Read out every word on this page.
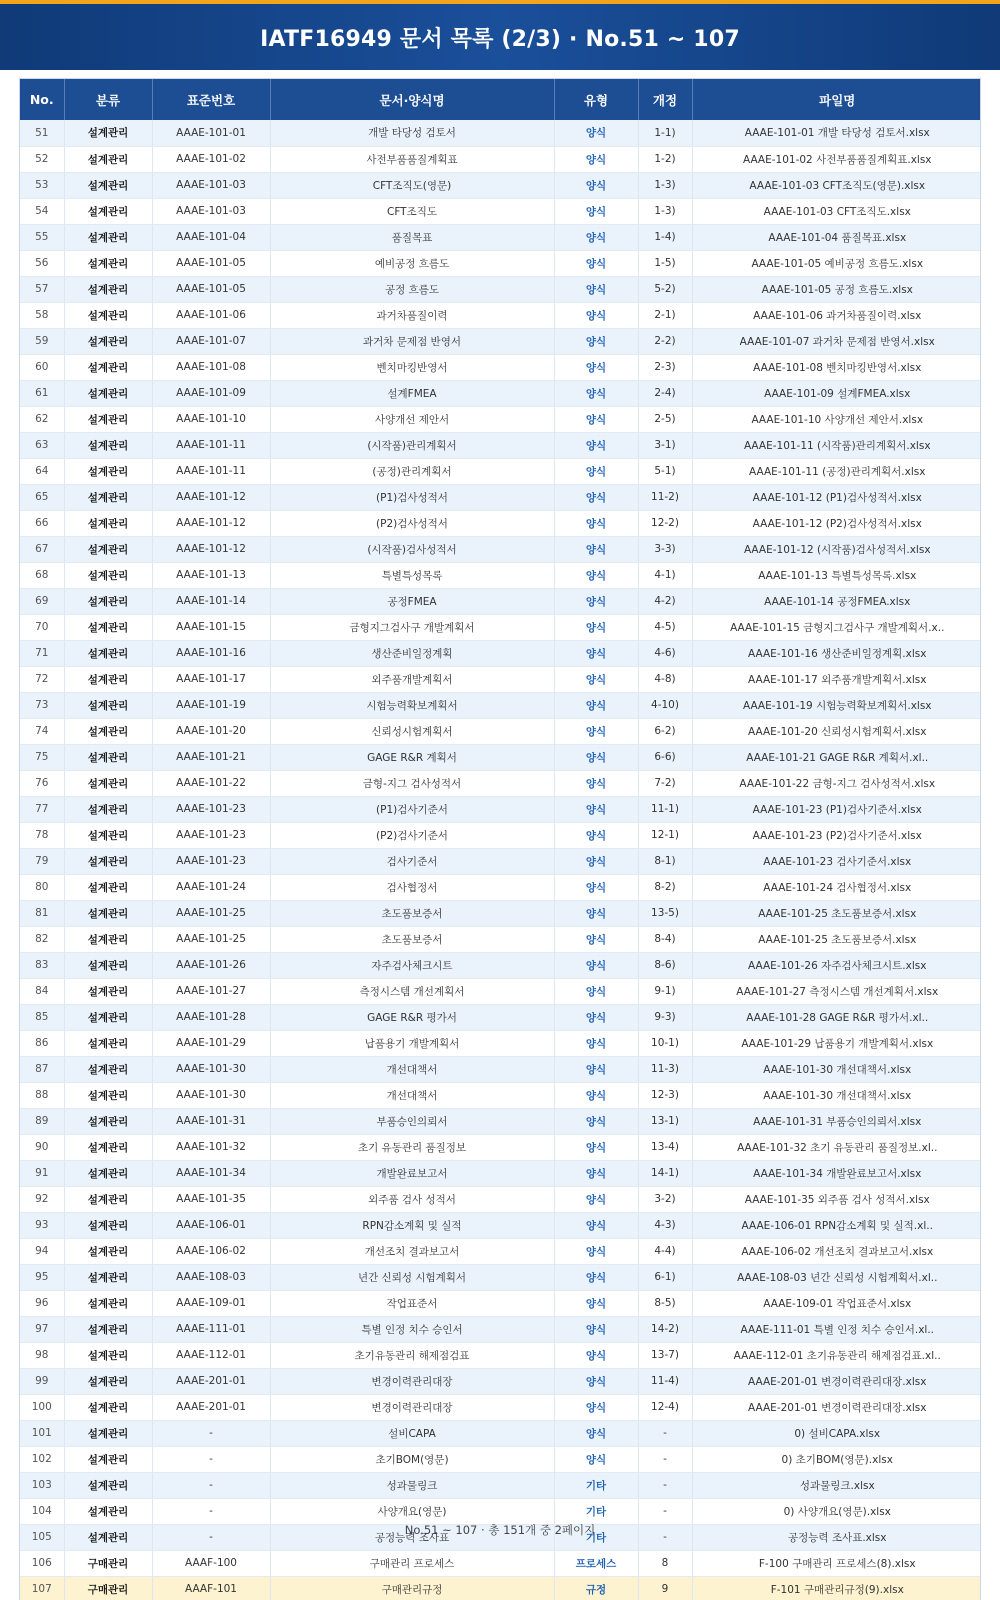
IATF16949 문서 목록 (2/3) · No.51 ~ 107
No.	분류	표준번호	문서·양식명	유형	개정	파일명
51	설계관리	AAAE-101-01	개발 타당성 검토서	양식	1-1)	AAAE-101-01 개발 타당성 검토서.xlsx
52	설계관리	AAAE-101-02	사전부품품질계획표	양식	1-2)	AAAE-101-02 사전부품품질계획표.xlsx
53	설계관리	AAAE-101-03	CFT조직도(영문)	양식	1-3)	AAAE-101-03 CFT조직도(영문).xlsx
54	설계관리	AAAE-101-03	CFT조직도	양식	1-3)	AAAE-101-03 CFT조직도.xlsx
55	설계관리	AAAE-101-04	품질목표	양식	1-4)	AAAE-101-04 품질목표.xlsx
56	설계관리	AAAE-101-05	예비공정 흐름도	양식	1-5)	AAAE-101-05 예비공정 흐름도.xlsx
57	설계관리	AAAE-101-05	공정 흐름도	양식	5-2)	AAAE-101-05 공정 흐름도.xlsx
58	설계관리	AAAE-101-06	과거차품질이력	양식	2-1)	AAAE-101-06 과거차품질이력.xlsx
59	설계관리	AAAE-101-07	과거차 문제점 반영서	양식	2-2)	AAAE-101-07 과거차 문제점 반영서.xlsx
60	설계관리	AAAE-101-08	벤치마킹반영서	양식	2-3)	AAAE-101-08 벤치마킹반영서.xlsx
61	설계관리	AAAE-101-09	설계FMEA	양식	2-4)	AAAE-101-09 설계FMEA.xlsx
62	설계관리	AAAE-101-10	사양개선 제안서	양식	2-5)	AAAE-101-10 사양개선 제안서.xlsx
63	설계관리	AAAE-101-11	(시작품)관리계획서	양식	3-1)	AAAE-101-11 (시작품)관리계획서.xlsx
64	설계관리	AAAE-101-11	(공정)관리계획서	양식	5-1)	AAAE-101-11 (공정)관리계획서.xlsx
65	설계관리	AAAE-101-12	(P1)검사성적서	양식	11-2)	AAAE-101-12 (P1)검사성적서.xlsx
66	설계관리	AAAE-101-12	(P2)검사성적서	양식	12-2)	AAAE-101-12 (P2)검사성적서.xlsx
67	설계관리	AAAE-101-12	(시작품)검사성적서	양식	3-3)	AAAE-101-12 (시작품)검사성적서.xlsx
68	설계관리	AAAE-101-13	특별특성목록	양식	4-1)	AAAE-101-13 특별특성목록.xlsx
69	설계관리	AAAE-101-14	공정FMEA	양식	4-2)	AAAE-101-14 공정FMEA.xlsx
70	설계관리	AAAE-101-15	금형지그검사구 개발계획서	양식	4-5)	AAAE-101-15 금형지그검사구 개발계획서.x..
71	설계관리	AAAE-101-16	생산준비일정계획	양식	4-6)	AAAE-101-16 생산준비일정계획.xlsx
72	설계관리	AAAE-101-17	외주품개발계획서	양식	4-8)	AAAE-101-17 외주품개발계획서.xlsx
73	설계관리	AAAE-101-19	시험능력확보계획서	양식	4-10)	AAAE-101-19 시험능력확보계획서.xlsx
74	설계관리	AAAE-101-20	신뢰성시험계획서	양식	6-2)	AAAE-101-20 신뢰성시험계획서.xlsx
75	설계관리	AAAE-101-21	GAGE R&R 계획서	양식	6-6)	AAAE-101-21 GAGE R&R 계획서.xl..
76	설계관리	AAAE-101-22	금형-지그 검사성적서	양식	7-2)	AAAE-101-22 금형-지그 검사성적서.xlsx
77	설계관리	AAAE-101-23	(P1)검사기준서	양식	11-1)	AAAE-101-23 (P1)검사기준서.xlsx
78	설계관리	AAAE-101-23	(P2)검사기준서	양식	12-1)	AAAE-101-23 (P2)검사기준서.xlsx
79	설계관리	AAAE-101-23	검사기준서	양식	8-1)	AAAE-101-23 검사기준서.xlsx
80	설계관리	AAAE-101-24	검사협정서	양식	8-2)	AAAE-101-24 검사협정서.xlsx
81	설계관리	AAAE-101-25	초도품보증서	양식	13-5)	AAAE-101-25 초도품보증서.xlsx
82	설계관리	AAAE-101-25	초도품보증서	양식	8-4)	AAAE-101-25 초도품보증서.xlsx
83	설계관리	AAAE-101-26	자주검사체크시트	양식	8-6)	AAAE-101-26 자주검사체크시트.xlsx
84	설계관리	AAAE-101-27	측정시스템 개선계획서	양식	9-1)	AAAE-101-27 측정시스템 개선계획서.xlsx
85	설계관리	AAAE-101-28	GAGE R&R 평가서	양식	9-3)	AAAE-101-28 GAGE R&R 평가서.xl..
86	설계관리	AAAE-101-29	납품용기 개발계획서	양식	10-1)	AAAE-101-29 납품용기 개발계획서.xlsx
87	설계관리	AAAE-101-30	개선대책서	양식	11-3)	AAAE-101-30 개선대책서.xlsx
88	설계관리	AAAE-101-30	개선대책서	양식	12-3)	AAAE-101-30 개선대책서.xlsx
89	설계관리	AAAE-101-31	부품승인의뢰서	양식	13-1)	AAAE-101-31 부품승인의뢰서.xlsx
90	설계관리	AAAE-101-32	초기 유동관리 품질정보	양식	13-4)	AAAE-101-32 초기 유동관리 품질정보.xl..
91	설계관리	AAAE-101-34	개발완료보고서	양식	14-1)	AAAE-101-34 개발완료보고서.xlsx
92	설계관리	AAAE-101-35	외주품 검사 성적서	양식	3-2)	AAAE-101-35 외주품 검사 성적서.xlsx
93	설계관리	AAAE-106-01	RPN감소계획 및 실적	양식	4-3)	AAAE-106-01 RPN감소계획 및 실적.xl..
94	설계관리	AAAE-106-02	개선조치 결과보고서	양식	4-4)	AAAE-106-02 개선조치 결과보고서.xlsx
95	설계관리	AAAE-108-03	년간 신뢰성 시험계획서	양식	6-1)	AAAE-108-03 년간 신뢰성 시험계획서.xl..
96	설계관리	AAAE-109-01	작업표준서	양식	8-5)	AAAE-109-01 작업표준서.xlsx
97	설계관리	AAAE-111-01	특별 인정 치수 승인서	양식	14-2)	AAAE-111-01 특별 인정 치수 승인서.xl..
98	설계관리	AAAE-112-01	초기유동관리 해제점검표	양식	13-7)	AAAE-112-01 초기유동관리 해제점검표.xl..
99	설계관리	AAAE-201-01	변경이력관리대장	양식	11-4)	AAAE-201-01 변경이력관리대장.xlsx
100	설계관리	AAAE-201-01	변경이력관리대장	양식	12-4)	AAAE-201-01 변경이력관리대장.xlsx
101	설계관리	-	설비CAPA	양식	-	0) 설비CAPA.xlsx
102	설계관리	-	초기BOM(영문)	양식	-	0) 초기BOM(영문).xlsx
103	설계관리	-	성과물링크	기타	-	성과물링크.xlsx
104	설계관리	-	사양개요(영문)	기타	-	0) 사양개요(영문).xlsx
105	설계관리	-	공정능력 조사표	기타	-	공정능력 조사표.xlsx
106	구매관리	AAAF-100	구매관리 프로세스	프로세스	8	F-100 구매관리 프로세스(8).xlsx
107	구매관리	AAAF-101	구매관리규정	규정	9	F-101 구매관리규정(9).xlsx
No.51 ~ 107 · 총 151개 중 2페이지
